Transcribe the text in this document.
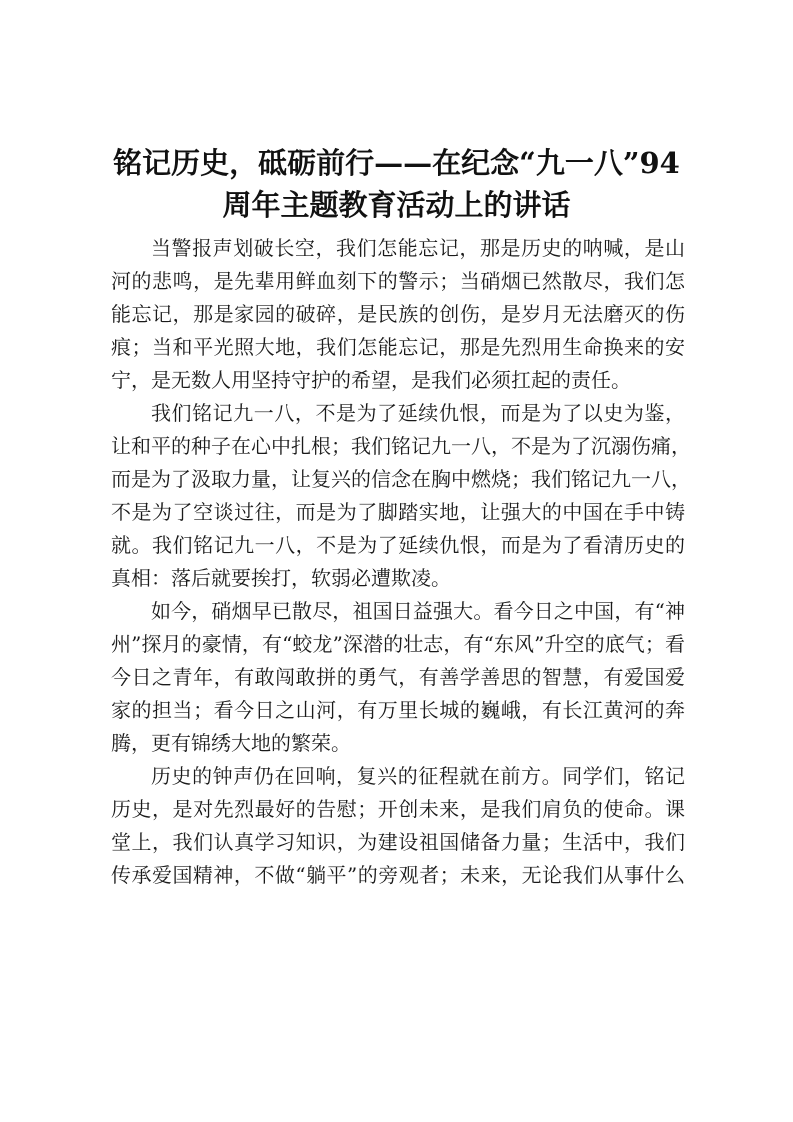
铭记历史，砥砺前行——在纪念“九一八”94
周年主题教育活动上的讲话
当警报声划破长空，我们怎能忘记，那是历史的呐喊，是山
河的悲鸣，是先辈用鲜血刻下的警示；当硝烟已然散尽，我们怎
能忘记，那是家园的破碎，是民族的创伤，是岁月无法磨灭的伤
痕；当和平光照大地，我们怎能忘记，那是先烈用生命换来的安
宁，是无数人用坚持守护的希望，是我们必须扛起的责任。
我们铭记九一八，不是为了延续仇恨，而是为了以史为鉴，
让和平的种子在心中扎根；我们铭记九一八，不是为了沉溺伤痛，
而是为了汲取力量，让复兴的信念在胸中燃烧；我们铭记九一八，
不是为了空谈过往，而是为了脚踏实地，让强大的中国在手中铸
就。我们铭记九一八，不是为了延续仇恨，而是为了看清历史的
真相：落后就要挨打，软弱必遭欺凌。
如今，硝烟早已散尽，祖国日益强大。看今日之中国，有“神
州”探月的豪情，有“蛟龙”深潜的壮志，有“东风”升空的底气；看
今日之青年，有敢闯敢拼的勇气，有善学善思的智慧，有爱国爱
家的担当；看今日之山河，有万里长城的巍峨，有长江黄河的奔
腾，更有锦绣大地的繁荣。
历史的钟声仍在回响，复兴的征程就在前方。同学们，铭记
历史，是对先烈最好的告慰；开创未来，是我们肩负的使命。课
堂上，我们认真学习知识，为建设祖国储备力量；生活中，我们
传承爱国精神，不做“躺平”的旁观者；未来，无论我们从事什么
